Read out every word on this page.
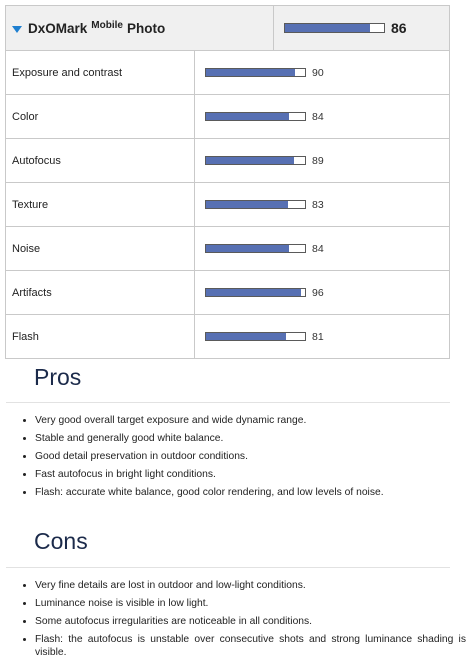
DxOMark $^{Mobile}$ Photo	86
Exposure and contrast	90
Color	84
Autofocus	89
Texture	83
Noise	84
Artifacts	96
Flash	81
Pros
• Very good overall target exposure and wide dynamic range.
• Stable and generally good white balance.
• Good detail preservation in outdoor conditions.
• Fast autofocus in bright light conditions.
• Flash: accurate white balance, good color rendering, and low levels of noise.
Cons
• Very fine details are lost in outdoor and low-light conditions.
• Luminance noise is visible in low light.
• Some autofocus irregularities are noticeable in all conditions.
• Flash: the autofocus is unstable over consecutive shots and strong luminance shading is visible.
